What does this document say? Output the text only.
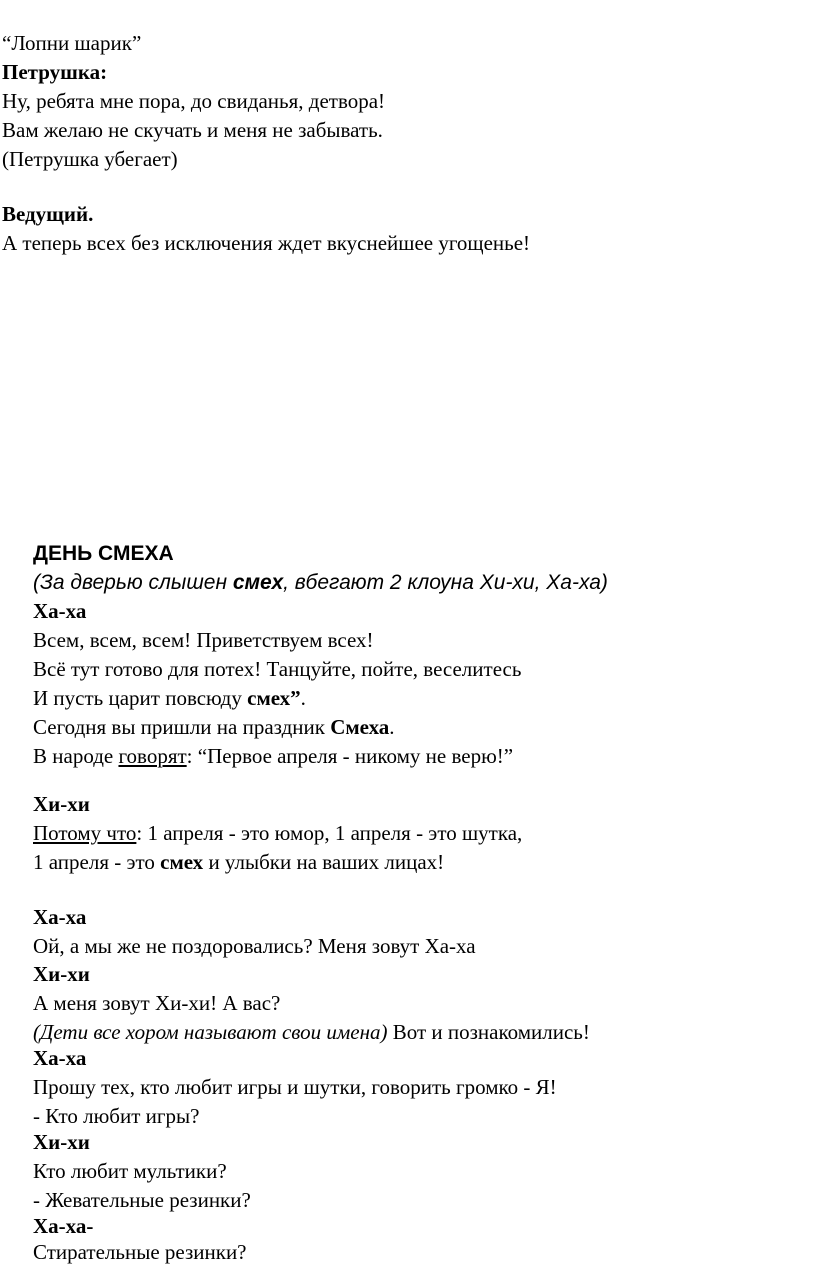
“Лопни шарик”
Петрушка:
Ну, ребята мне пора, до свиданья, детвора!
Вам желаю не скучать и меня не забывать.
(Петрушка убегает)
Ведущий.
А теперь всех без исключения ждет вкуснейшее угощенье!
ДЕНЬ СМЕХА
(За дверью слышен смех, вбегают 2 клоуна Хи-хи, Ха-ха)
Ха-ха
Всем, всем, всем! Приветствуем всех!
Всё тут готово для потех! Танцуйте, пойте, веселитесь
И пусть царит повсюду смех”.
Сегодня вы пришли на праздник Смеха.
В народе говорят: “Первое апреля - никому не верю!”
Хи-хи
Потому что: 1 апреля - это юмор, 1 апреля - это шутка,
1 апреля - это смех и улыбки на ваших лицах!
Ха-ха
Ой, а мы же не поздоровались? Меня зовут Ха-ха
Хи-хи
А меня зовут Хи-хи! А вас?
(Дети все хором называют свои имена) Вот и познакомились!
Ха-ха
Прошу тех, кто любит игры и шутки, говорить громко - Я!
- Кто любит игры?
Хи-хи
Кто любит мультики?
- Жевательные резинки?
Ха-ха-
Стирательные резинки?
